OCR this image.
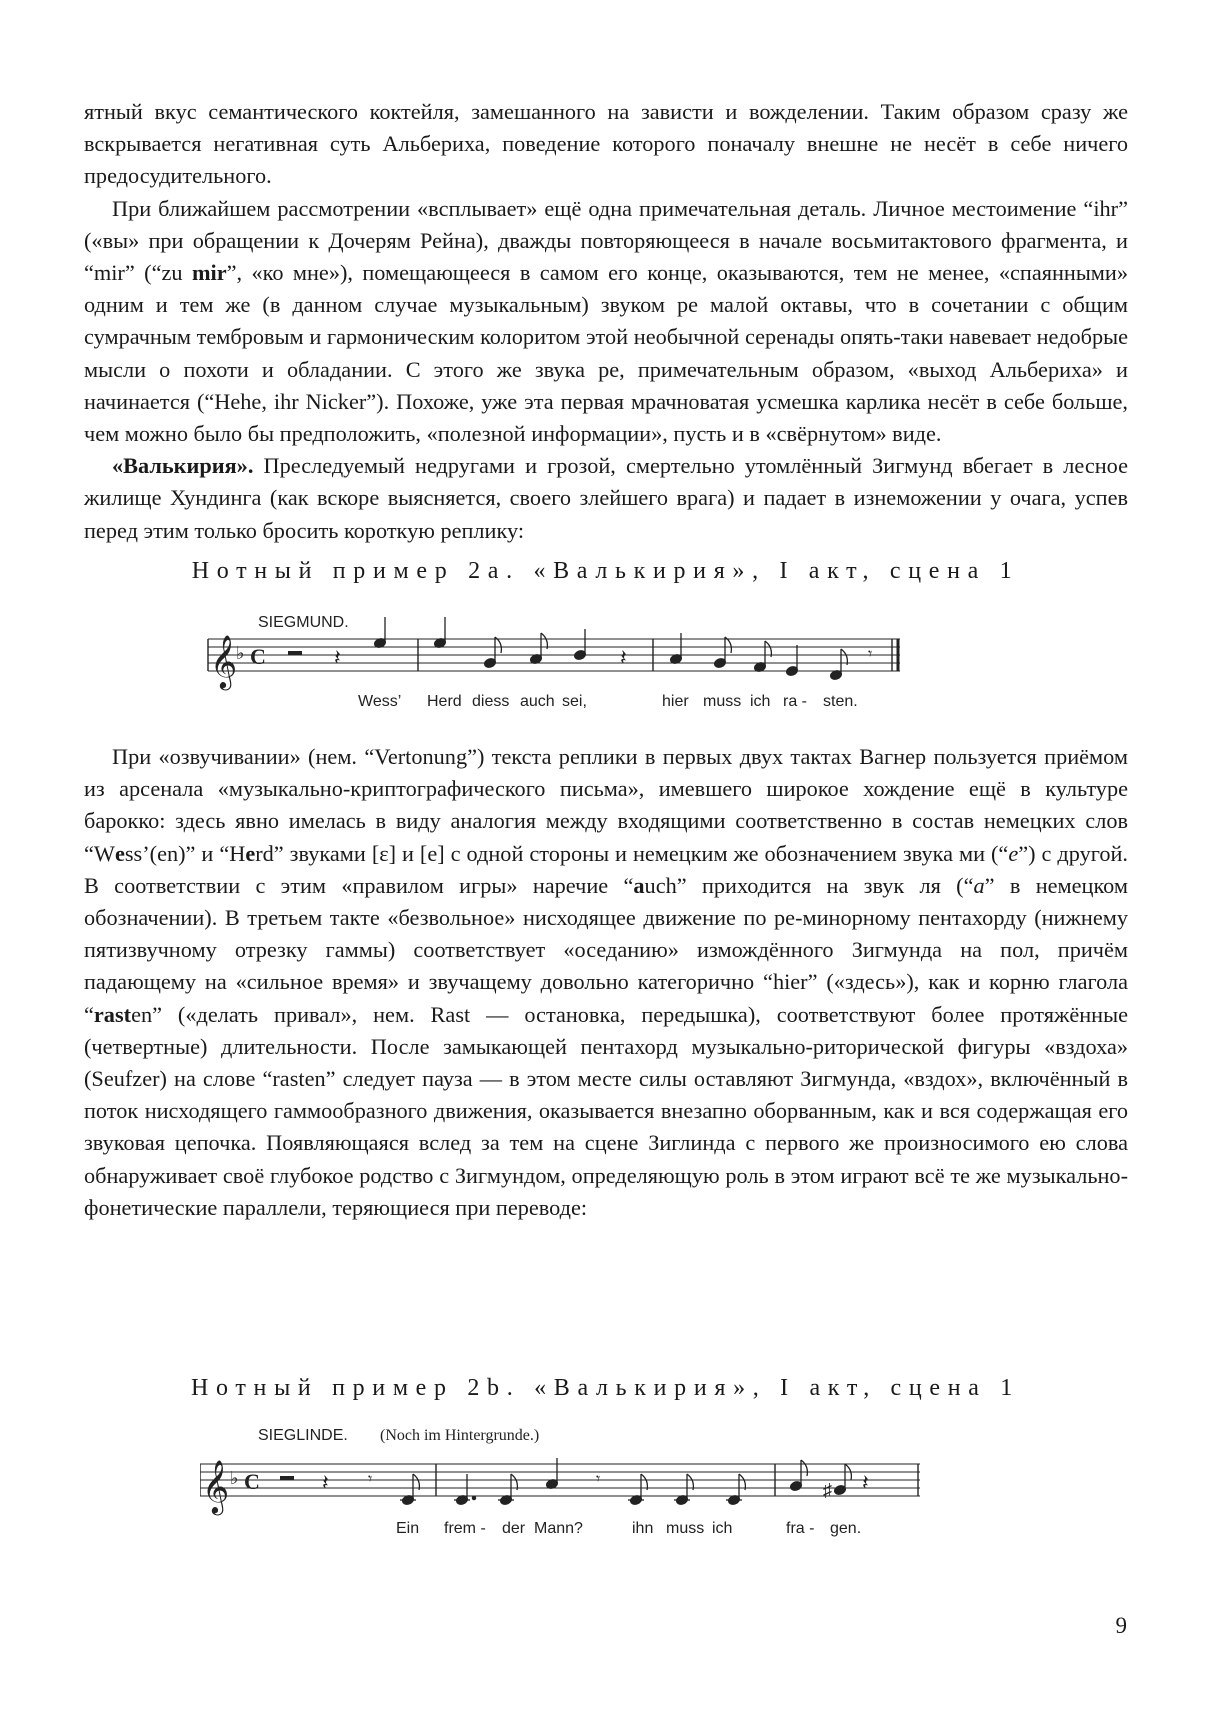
ятный вкус семантического коктейля, замешанного на зависти и вожделении. Таким образом сразу же вскрывается негативная суть Альбериха, поведение которого поначалу внешне не несёт в себе ничего предосудительного.

При ближайшем рассмотрении «всплывает» ещё одна примечательная деталь. Личное местоимение “ihr” («вы» при обращении к Дочерям Рейна), дважды повторяющееся в начале восьмитактового фрагмента, и “mir” (“zu mir”, «ко мне»), помещающееся в самом его конце, оказываются, тем не менее, «спаянными» одним и тем же (в данном случае музыкальным) звуком ре малой октавы, что в сочетании с общим сумрачным тембровым и гармоническим колоритом этой необычной серенады опять-таки навевает недобрые мысли о похоти и обладании. С этого же звука ре, примечательным образом, «выход Альбериха» и начинается (“Hehe, ihr Nicker”). Похоже, уже эта первая мрачноватая усмешка карлика несёт в себе больше, чем можно было бы предположить, «полезной информации», пусть и в «свёрнутом» виде.

«Валькирия». Преследуемый недругами и грозой, смертельно утомлённый Зигмунд вбегает в лесное жилище Хундинга (как вскоре выясняется, своего злейшего врага) и падает в изнеможении у очага, успев перед этим только бросить короткую реплику:

Нотный пример 2а. «Валькирия», I акт, сцена 1
SIEGMUND.
𝄞
♭ C	𝄽	𝄽	𝄾
Wess’ Herd diess auch sei,	hier muss ich ra - sten.

При «озвучивании» (нем. “Vertonung”) текста реплики в первых двух тактах Вагнер пользуется приёмом из арсенала «музыкально-криптографического письма», имевшего широкое хождение ещё в культуре барокко: здесь явно имелась в виду аналогия между входящими соответственно в состав немецких слов “Wess’(en)” и “Herd” звуками [ɛ] и [e] с одной стороны и немецким же обозначением звука ми (“e”) с другой. В соответствии с этим «правилом игры» наречие “auch” приходится на звук ля (“a” в немецком обозначении). В третьем такте «безвольное» нисходящее движение по ре-минорному пентахорду (нижнему пятизвучному отрезку гаммы) соответствует «оседанию» измождённого Зигмунда на пол, причём падающему на «сильное время» и звучащему довольно категорично “hier” («здесь»), как и корню глагола “rasten” («делать привал», нем. Rast — остановка, передышка), соответствуют более протяжённые (четвертные) длительности. После замыкающей пентахорд музыкально-риторической фигуры «вздоха» (Seufzer) на слове “rasten” следует пауза — в этом месте силы оставляют Зигмунда, «вздох», включённый в поток нисходящего гаммообразного движения, оказывается внезапно оборванным, как и вся содержащая его звуковая цепочка. Появляющаяся вслед за тем на сцене Зиглинда с первого же произносимого ею слова обнаруживает своё глубокое родство с Зигмундом, определяющую роль в этом играют всё те же музыкально-фонетические параллели, теряющиеся при переводе:

Нотный пример 2b. «Валькирия», I акт, сцена 1
SIEGLINDE. (Noch im Hintergrunde.)
𝄞 ♭ C	𝄽 𝄾
♯
𝄾	𝄽
Ein frem - der Mann?	ihn muss ich	fra - gen.
9
